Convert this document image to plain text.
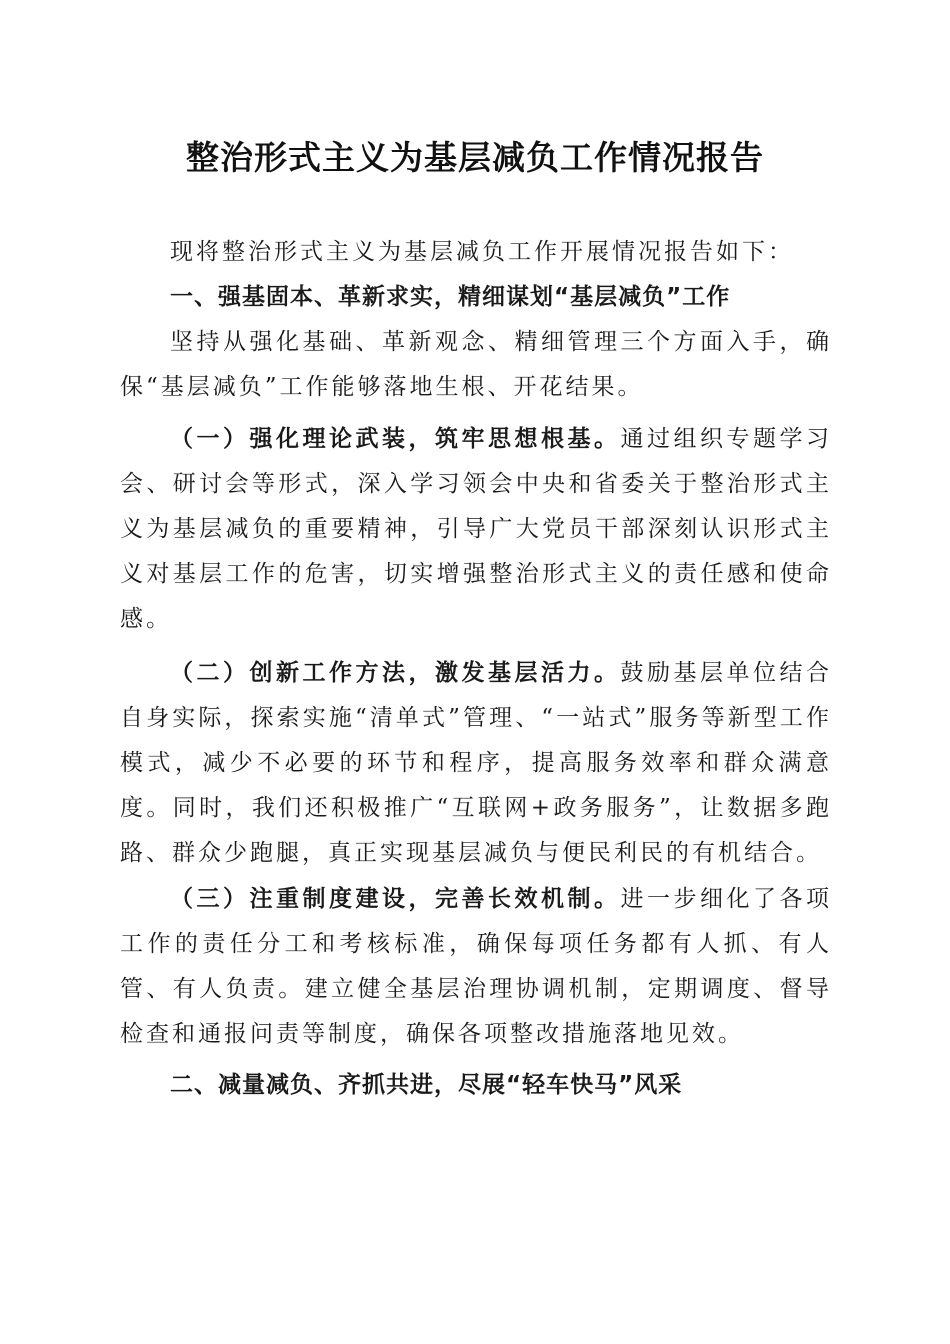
整治形式主义为基层减负工作情况报告

现将整治形式主义为基层减负工作开展情况报告如下：

一、强基固本、革新求实，精细谋划“基层减负”工作

坚持从强化基础、革新观念、精细管理三个方面入手，确保“基层减负”工作能够落地生根、开花结果。

（一）强化理论武装，筑牢思想根基。通过组织专题学习会、研讨会等形式，深入学习领会中央和省委关于整治形式主义为基层减负的重要精神，引导广大党员干部深刻认识形式主义对基层工作的危害，切实增强整治形式主义的责任感和使命感。

（二）创新工作方法，激发基层活力。鼓励基层单位结合自身实际，探索实施“清单式”管理、“一站式”服务等新型工作模式，减少不必要的环节和程序，提高服务效率和群众满意度。同时，我们还积极推广“互联网+政务服务”，让数据多跑路、群众少跑腿，真正实现基层减负与便民利民的有机结合。

（三）注重制度建设，完善长效机制。进一步细化了各项工作的责任分工和考核标准，确保每项任务都有人抓、有人管、有人负责。建立健全基层治理协调机制，定期调度、督导检查和通报问责等制度，确保各项整改措施落地见效。

二、减量减负、齐抓共进，尽展“轻车快马”风采
